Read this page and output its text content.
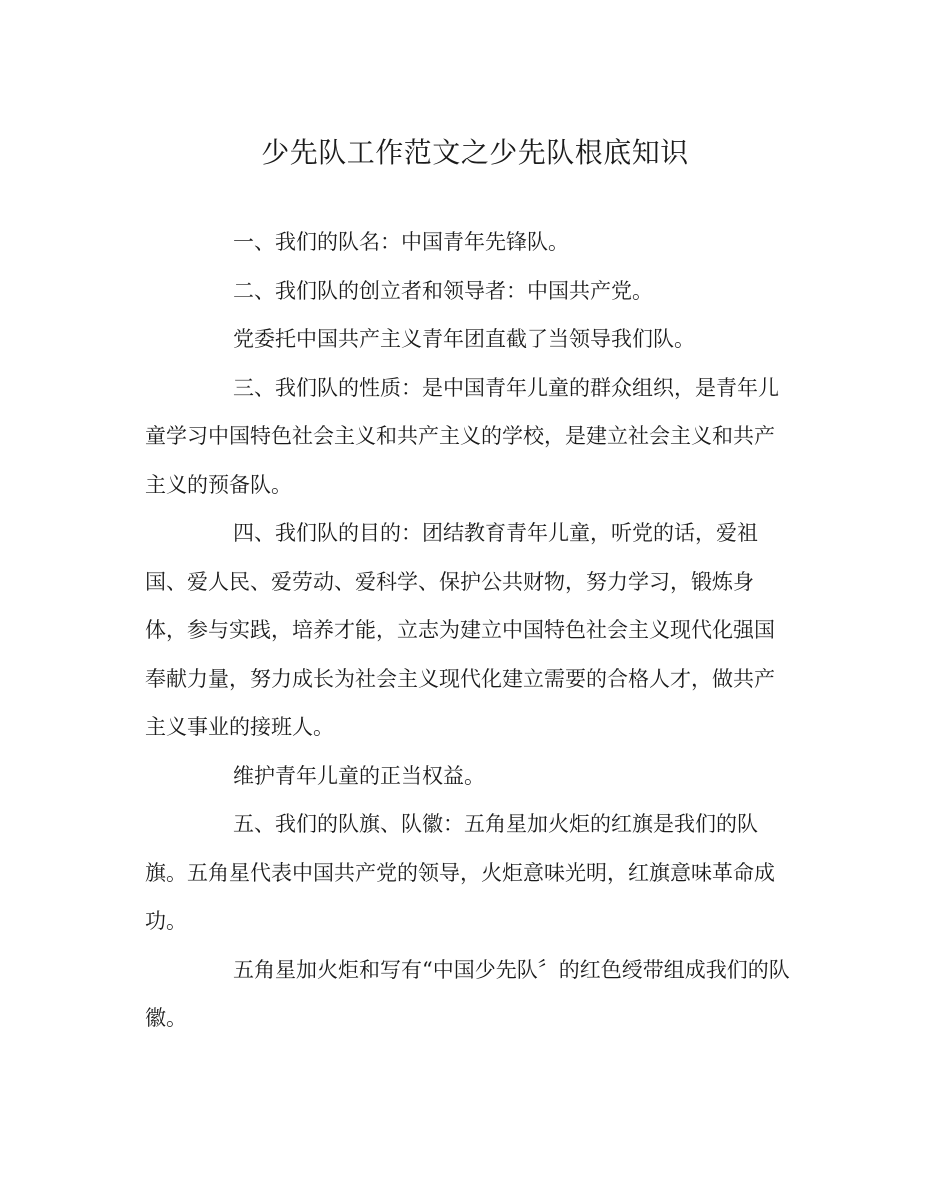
少先队工作范文之少先队根底知识
一、我们的队名：中国青年先锋队。
二、我们队的创立者和领导者：中国共产党。
党委托中国共产主义青年团直截了当领导我们队。
三、我们队的性质：是中国青年儿童的群众组织，是青年儿
童学习中国特色社会主义和共产主义的学校，是建立社会主义和共产
主义的预备队。
四、我们队的目的：团结教育青年儿童，听党的话，爱祖
国、爱人民、爱劳动、爱科学、保护公共财物，努力学习，锻炼身
体，参与实践，培养才能，立志为建立中国特色社会主义现代化强国
奉献力量，努力成长为社会主义现代化建立需要的合格人才，做共产
主义事业的接班人。
维护青年儿童的正当权益。
五、我们的队旗、队徽：五角星加火炬的红旗是我们的队
旗。五角星代表中国共产党的领导，火炬意味光明，红旗意味革命成
功。
五角星加火炬和写有“中国少先队〞的红色绶带组成我们的队
徽。
